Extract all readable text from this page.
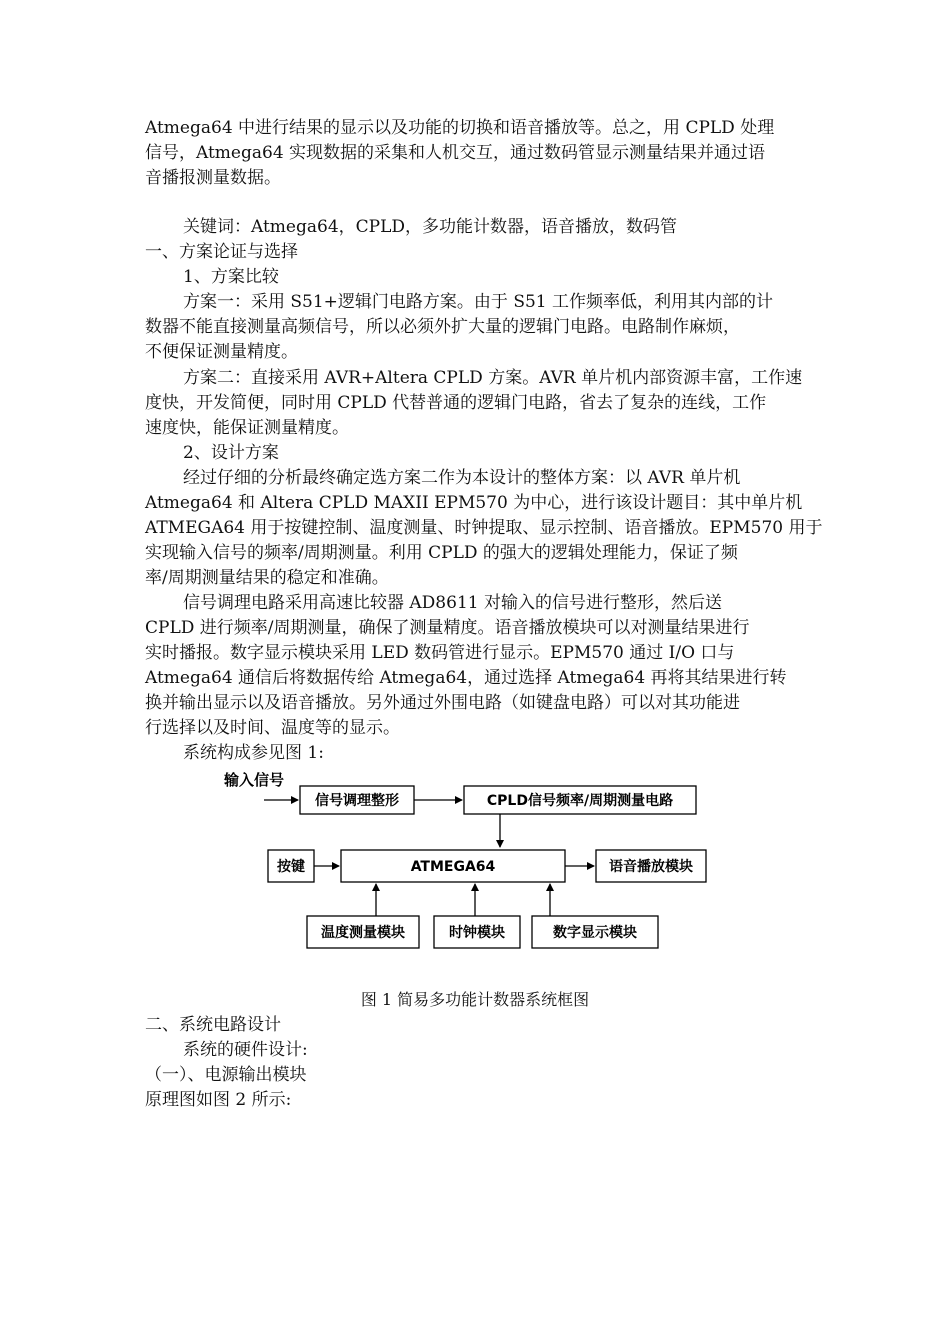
Atmega64 中进行结果的显示以及功能的切换和语音播放等。总之，用 CPLD 处理
信号，Atmega64 实现数据的采集和人机交互，通过数码管显示测量结果并通过语
音播报测量数据。
关键词：Atmega64，CPLD，多功能计数器，语音播放，数码管
一、方案论证与选择
1、方案比较
方案一：采用 S51+逻辑门电路方案。由于 S51 工作频率低，利用其内部的计
数器不能直接测量高频信号，所以必须外扩大量的逻辑门电路。电路制作麻烦，
不便保证测量精度。
方案二：直接采用 AVR+Altera CPLD 方案。AVR 单片机内部资源丰富，工作速
度快，开发简便，同时用 CPLD 代替普通的逻辑门电路，省去了复杂的连线，工作
速度快，能保证测量精度。
2、设计方案
经过仔细的分析最终确定选方案二作为本设计的整体方案：以 AVR 单片机
Atmega64 和 Altera CPLD MAXII EPM570 为中心，进行该设计题目：其中单片机
ATMEGA64 用于按键控制、温度测量、时钟提取、显示控制、语音播放。EPM570 用于
实现输入信号的频率/周期测量。利用 CPLD 的强大的逻辑处理能力，保证了频
率/周期测量结果的稳定和准确。
信号调理电路采用高速比较器 AD8611 对输入的信号进行整形，然后送
CPLD 进行频率/周期测量，确保了测量精度。语音播放模块可以对测量结果进行
实时播报。数字显示模块采用 LED 数码管进行显示。EPM570 通过 I/O 口与
Atmega64 通信后将数据传给 Atmega64，通过选择 Atmega64 再将其结果进行转
换并输出显示以及语音播放。另外通过外围电路（如键盘电路）可以对其功能进
行选择以及时间、温度等的显示。
系统构成参见图 1:
输入信号
信号调理整形	CPLD信号频率/周期测量电路
按键	ATMEGA64	语音播放模块
温度测量模块	时钟模块	数字显示模块
图 1 简易多功能计数器系统框图
二、系统电路设计
系统的硬件设计:
（一）、电源输出模块
原理图如图 2 所示:
